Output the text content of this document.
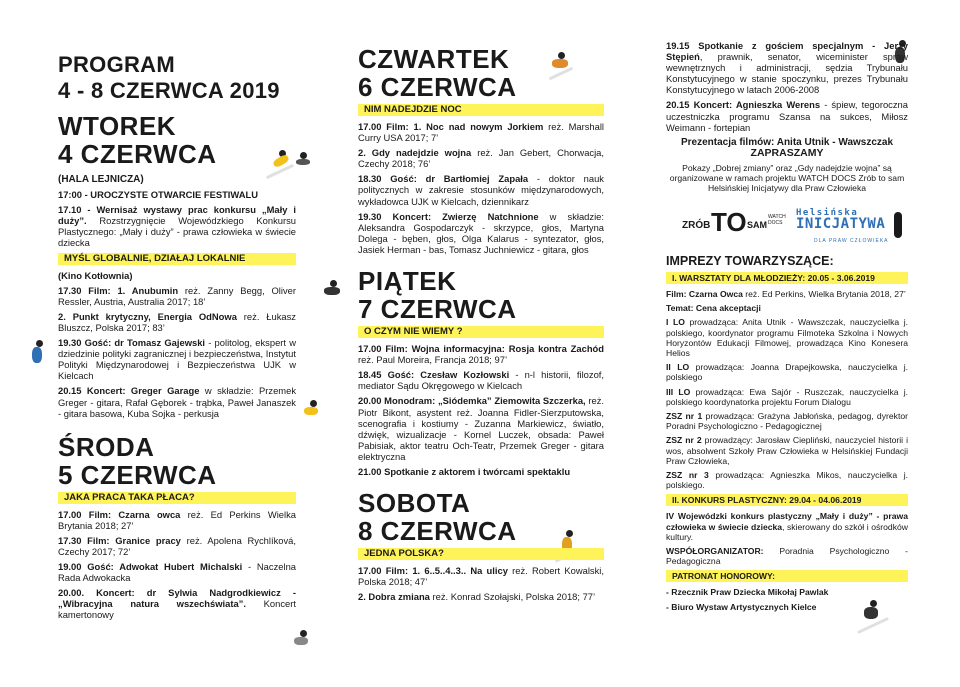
PROGRAM
4 - 8 CZERWCA 2019
WTOREK
4 CZERWCA
(HALA LEJNICZA)
17:00 - UROCZYSTE OTWARCIE FESTIWALU
17.10 - Wernisaż wystawy prac konkursu „Mały i duży”. Rozstrzygnięcie Wojewódzkiego Konkursu Plastycznego: „Mały i duży” - prawa człowieka w świecie dziecka
MYŚL GLOBALNIE, DZIAŁAJ LOKALNIE
(Kino Kotłownia)
17.30 Film: 1. Anubumin reż. Zanny Begg, Oliver Ressler, Austria, Australia 2017; 18’
2. Punkt krytyczny, Energia OdNowa reż. Łukasz Bluszcz, Polska 2017; 83’
19.30 Gość: dr Tomasz Gajewski - politolog, ekspert w dziedzinie polityki zagranicznej i bezpieczeństwa, Instytut Polityki Międzynarodowej i Bezpieczeństwa UJK w Kielcach
20.15 Koncert: Greger Garage w składzie: Przemek Greger - gitara, Rafał Gęborek - trąbka, Paweł Janaszek - gitara basowa, Kuba Sojka - perkusja
ŚRODA
5 CZERWCA
JAKA PRACA TAKA PŁACA?
17.00 Film: Czarna owca reż. Ed Perkins Wielka Brytania 2018; 27’
17.30 Film: Granice pracy reż. Apolena Rychlíková, Czechy 2017; 72’
19.00 Gość: Adwokat Hubert Michalski - Naczelna Rada Adwokacka
20.00. Koncert: dr Sylwia Nadgrodkiewicz - „Wibracyjna natura wszechświata”. Koncert kamertonowy
CZWARTEK
6 CZERWCA
NIM NADEJDZIE NOC
17.00 Film: 1. Noc nad nowym Jorkiem reż. Marshall Curry USA 2017; 7’
2. Gdy nadejdzie wojna reż. Jan Gebert, Chorwacja, Czechy 2018; 76’
18.30 Gość: dr Bartłomiej Zapała - doktor nauk politycznych w zakresie stosunków międzynarodowych, wykładowca UJK w Kielcach, dziennikarz
19.30 Koncert: Zwierzę Natchnione w składzie: Aleksandra Gospodarczyk - skrzypce, głos, Martyna Dolega - bęben, głos, Olga Kalarus - syntezator, głos, Jasiek Herman - bas, Tomasz Juchniewicz - gitara, głos
PIĄTEK
7 CZERWCA
O CZYM NIE WIEMY ?
17.00 Film: Wojna informacyjna: Rosja kontra Zachód reż. Paul Moreira, Francja 2018; 97’
18.45 Gość: Czesław Kozłowski - n-l historii, filozof, mediator Sądu Okręgowego w Kielcach
20.00 Monodram: „Siódemka” Ziemowita Szczerka, reż. Piotr Bikont, asystent reż. Joanna Fidler-Sierzputowska, scenografia i kostiumy - Zuzanna Markiewicz, światło, dźwięk, wizualizacje - Kornel Luczek, obsada: Paweł Pabisiak, aktor teatru Och-Teatr, Przemek Greger - gitara elektryczna
21.00 Spotkanie z aktorem i twórcami spektaklu
SOBOTA
8 CZERWCA
JEDNA POLSKA?
17.00 Film: 1. 6..5..4..3.. Na ulicy reż. Robert Kowalski, Polska 2018; 47’
2. Dobra zmiana reż. Konrad Szołajski, Polska 2018; 77’
19.15 Spotkanie z gościem specjalnym - Jerzy Stępień, prawnik, senator, wiceminister spraw wewnętrznych i administracji, sędzia Trybunału Konstytucyjnego w stanie spoczynku, prezes Trybunału Konstytucyjnego w latach 2006-2008
20.15 Koncert: Agnieszka Werens - śpiew, tegoroczna uczestniczka programu Szansa na sukces, Miłosz Weimann - fortepian
Prezentacja filmów: Anita Utnik - Wawszczak
ZAPRASZAMY
Pokazy „Dobrej zmiany” oraz „Gdy nadejdzie wojna” są organizowane w ramach projektu WATCH DOCS Zrób to sam Helsińskiej Inicjatywy dla Praw Człowieka
ZRÓB TO SAM
WATCH DOCS
Helsińska
INICJATYWA
DLA PRAW CZŁOWIEKA
IMPREZY TOWARZYSZĄCE:
I. WARSZTATY DLA MŁODZIEŻY: 20.05 - 3.06.2019
Film: Czarna Owca reż. Ed Perkins, Wielka Brytania 2018, 27’
Temat: Cena akceptacji
I LO prowadząca: Anita Utnik - Wawszczak, nauczycielka j. polskiego, koordynator programu Filmoteka Szkolna i Nowych Horyzontów Edukacji Filmowej, prowadząca Kino Konesera Helios
II LO prowadząca: Joanna Drapejkowska, nauczycielka j. polskiego
III LO prowadząca: Ewa Sajór - Ruszczak, nauczycielka j. polskiego koordynatorka projektu Forum Dialogu
ZSZ nr 1 prowadząca: Grażyna Jabłońska, pedagog, dyrektor Poradni Psychologiczno - Pedagogicznej
ZSZ nr 2 prowadzący: Jarosław Ciepliński, nauczyciel historii i wos, absolwent Szkoły Praw Człowieka w Helsińskiej Fundacji Praw Człowieka,
ZSZ nr 3 prowadząca: Agnieszka Mikos, nauczycielka j. polskiego.
II. KONKURS PLASTYCZNY: 29.04 - 04.06.2019
IV Wojewódzki konkurs plastyczny „Mały i duży” - prawa człowieka w świecie dziecka, skierowany do szkół i ośrodków kultury.
WSPÓŁORGANIZATOR: Poradnia Psychologiczno - Pedagogiczna
PATRONAT HONOROWY:
- Rzecznik Praw Dziecka Mikołaj Pawlak
- Biuro Wystaw Artystycznych Kielce
